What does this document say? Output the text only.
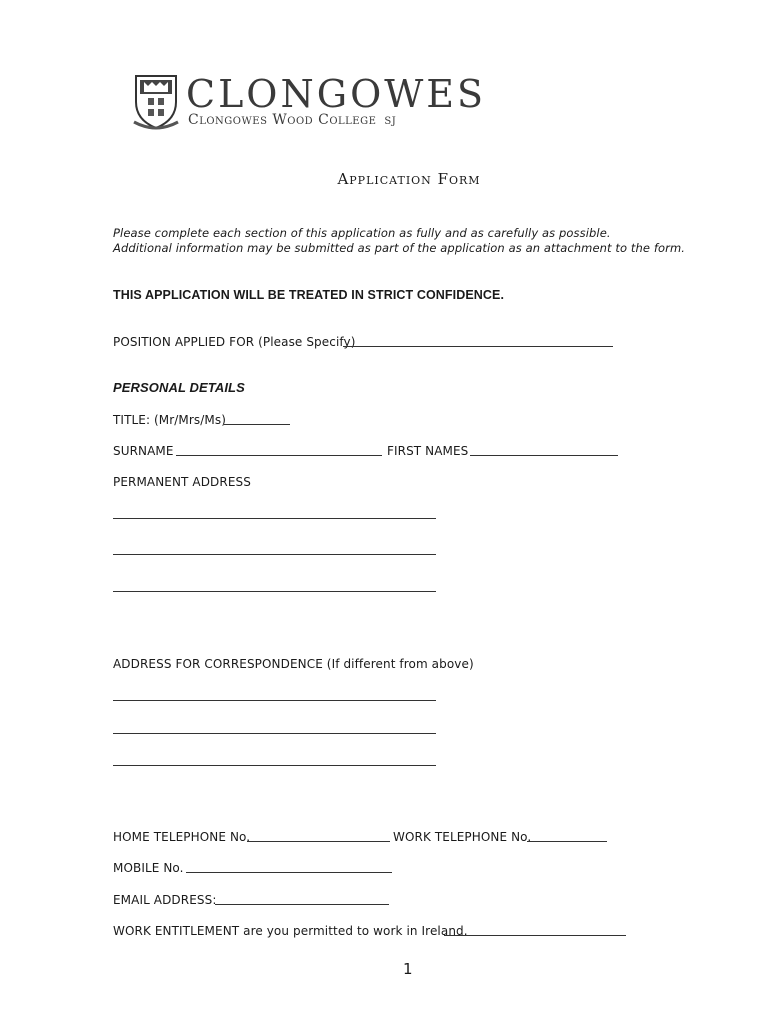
CLONGOWES
Clongowes Wood College SJ
Application Form
Please complete each section of this application as fully and as carefully as possible.
Additional information may be submitted as part of the application as an attachment to the form.
THIS APPLICATION WILL BE TREATED IN STRICT CONFIDENCE.
POSITION APPLIED FOR (Please Specify)
PERSONAL DETAILS
TITLE: (Mr/Mrs/Ms)
SURNAME	FIRST NAMES
PERMANENT ADDRESS
ADDRESS FOR CORRESPONDENCE (If different from above)
HOME TELEPHONE No.	WORK TELEPHONE No.
MOBILE No.
EMAIL ADDRESS:
WORK ENTITLEMENT are you permitted to work in Ireland.
1
